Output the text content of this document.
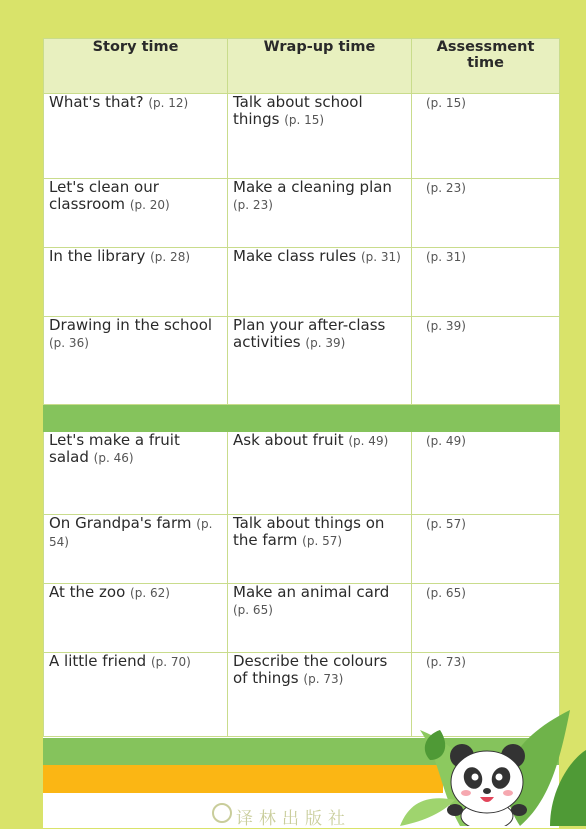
Story time	Wrap-up time	Assessment time
What's that? (p. 12)	Talk about school things (p. 15)	(p. 15)
Let's clean our classroom (p. 20)	Make a cleaning plan (p. 23)	(p. 23)
In the library (p. 28)	Make class rules (p. 31)	(p. 31)
Drawing in the school (p. 36)	Plan your after-class activities (p. 39)	(p. 39)

Let's make a fruit salad (p. 46)	Ask about fruit (p. 49)	(p. 49)
On Grandpa's farm (p. 54)	Talk about things on the farm (p. 57)	(p. 57)
At the zoo (p. 62)	Make an animal card (p. 65)	(p. 65)
A little friend (p. 70)	Describe the colours of things (p. 73)	(p. 73)
译林出版社
